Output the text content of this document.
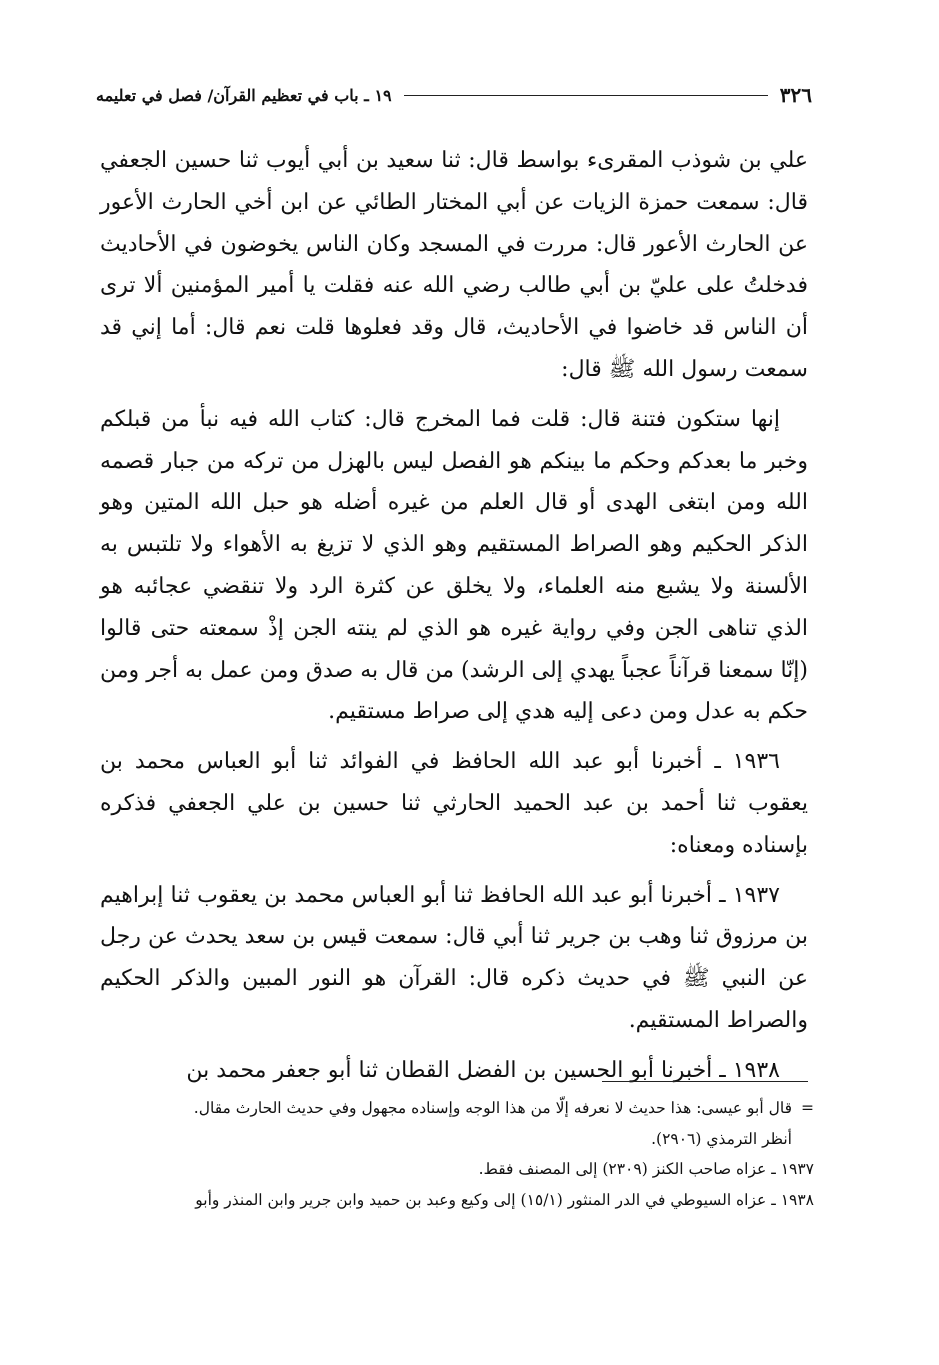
٣٢٦
١٩ ـ باب في تعظيم القرآن/ فصل في تعليمه

علي بن شوذب المقرىء بواسط قال: ثنا سعيد بن أبي أيوب ثنا حسين الجعفي قال: سمعت حمزة الزيات عن أبي المختار الطائي عن ابن أخي الحارث الأعور عن الحارث الأعور قال: مررت في المسجد وكان الناس يخوضون في الأحاديث فدخلتُ على عليّ بن أبي طالب رضي الله عنه فقلت يا أمير المؤمنين ألا ترى أن الناس قد خاضوا في الأحاديث، قال وقد فعلوها قلت نعم قال: أما إني قد سمعت رسول الله ﷺ قال:

إنها ستكون فتنة قال: قلت فما المخرج قال: كتاب الله فيه نبأ من قبلكم وخبر ما بعدكم وحكم ما بينكم هو الفصل ليس بالهزل من تركه من جبار قصمه الله ومن ابتغى الهدى أو قال العلم من غيره أضله هو حبل الله المتين وهو الذكر الحكيم وهو الصراط المستقيم وهو الذي لا تزيغ به الأهواء ولا تلتبس به الألسنة ولا يشبع منه العلماء، ولا يخلق عن كثرة الرد ولا تنقضي عجائبه هو الذي تناهى الجن وفي رواية غيره هو الذي لم ينته الجن إذْ سمعته حتى قالوا (إنّا سمعنا قرآناً عجباً يهدي إلى الرشد) من قال به صدق ومن عمل به أجر ومن حكم به عدل ومن دعى إليه هدي إلى صراط مستقيم.

١٩٣٦ ـ أخبرنا أبو عبد الله الحافظ في الفوائد ثنا أبو العباس محمد بن يعقوب ثنا أحمد بن عبد الحميد الحارثي ثنا حسين بن علي الجعفي فذكره بإسناده ومعناه:

١٩٣٧ ـ أخبرنا أبو عبد الله الحافظ ثنا أبو العباس محمد بن يعقوب ثنا إبراهيم بن مرزوق ثنا وهب بن جرير ثنا أبي قال: سمعت قيس بن سعد يحدث عن رجل عن النبي ﷺ في حديث ذكره قال: القرآن هو النور المبين والذكر الحكيم والصراط المستقيم.

١٩٣٨ ـ أخبرنا أبو الحسين بن الفضل القطان ثنا أبو جعفر محمد بن

=
قال أبو عيسى: هذا حديث لا نعرفه إلّا من هذا الوجه وإسناده مجهول وفي حديث الحارث مقال.

أنظر الترمذي (٢٩٠٦).

١٩٣٧ ـ عزاه صاحب الكنز (٢٣٠٩) إلى المصنف فقط.

١٩٣٨ ـ عزاه السيوطي في الدر المنثور (١٥/١) إلى وكيع وعبد بن حميد وابن جرير وابن المنذر وأبو
